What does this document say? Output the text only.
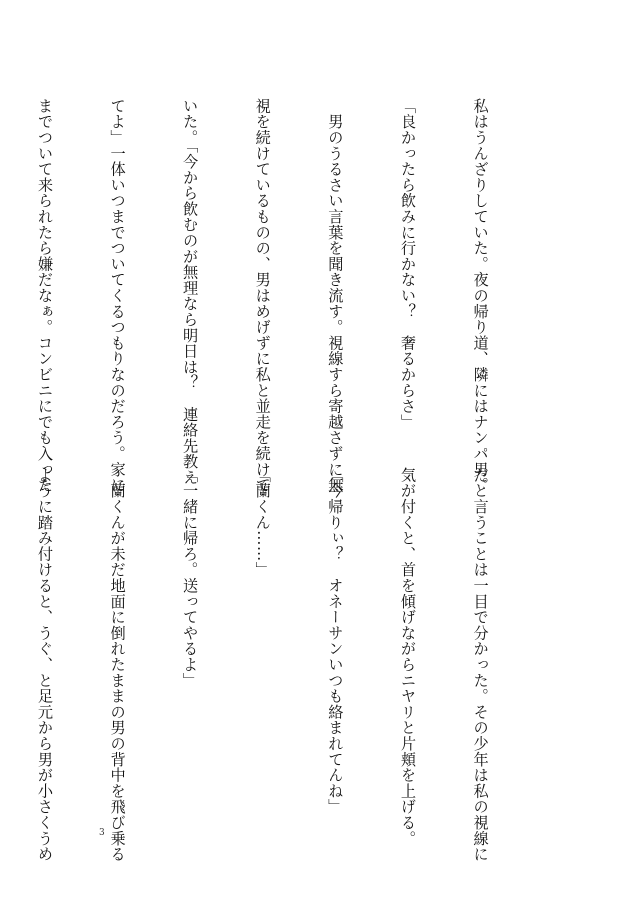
私はうんざりしていた。夜の帰り道、隣にはナンパ男。

「良かったら飲みに行かない？　奢るからさ」

　男のうるさい言葉を聞き流す。視線すら寄越さずに無

視を続けているものの、男はめげずに私と並走を続けて

いた。「今から飲むのが無理なら明日は？　連絡先教え

てよ」一体いつまでついてくるつもりなのだろう。家に

までついて来られたら嫌だなぁ。コンビニにでも入った

だと言うことは一目で分かった。その少年は私の視線に

気が付くと、首を傾げながらニヤリと片頬を上げる。

「今帰りぃ？　オネーサンいつも絡まれてんね」

「蘭くん……」

「一緒に帰ろ。送ってやるよ」

　蘭くんが未だ地面に倒れたままの男の背中を飛び乗る

ように踏み付けると、うぐ、と足元から男が小さくうめ

	3
